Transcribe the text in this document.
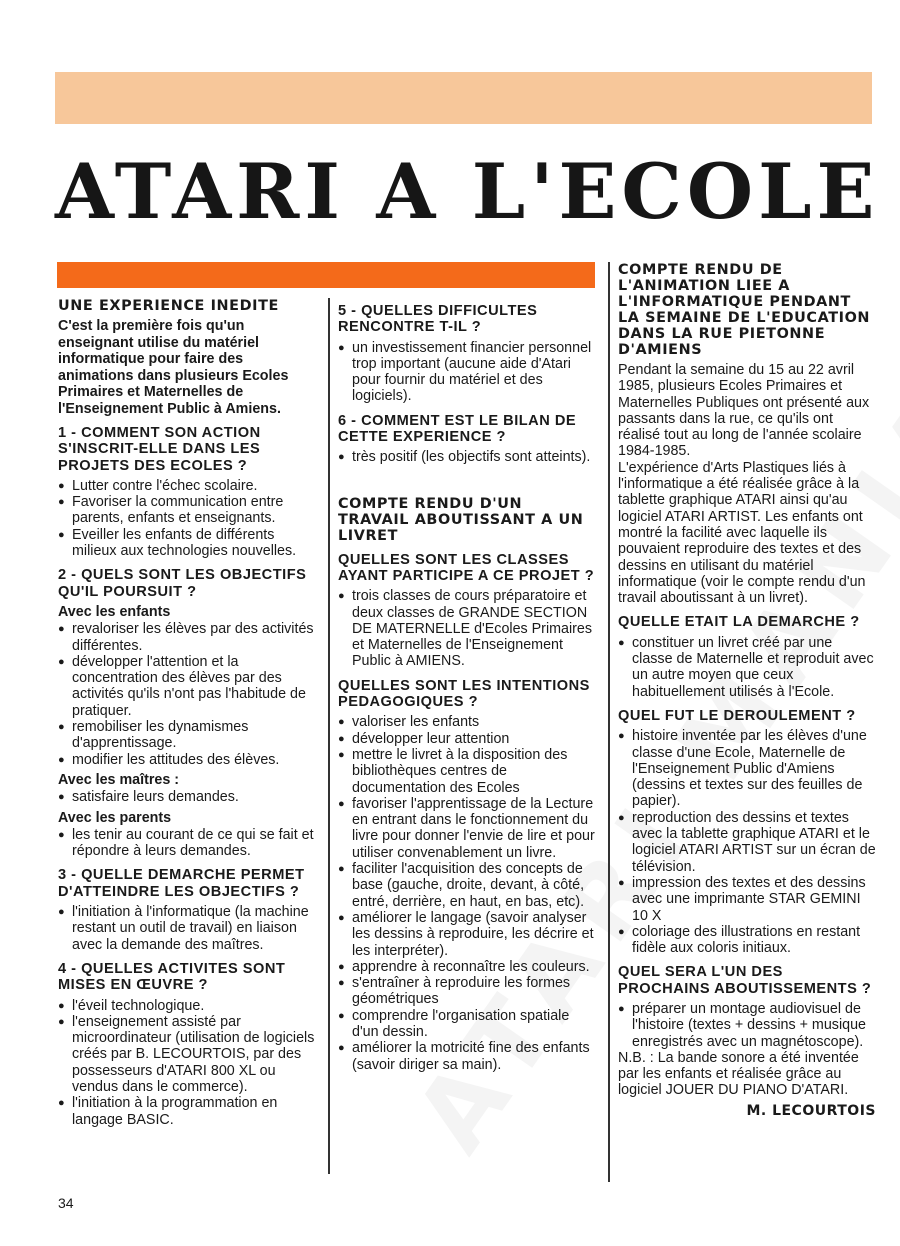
ATARI A L'ECOLE
UNE EXPERIENCE INEDITE

C'est la première fois qu'un enseignant utilise du matériel informatique pour faire des animations dans plusieurs Ecoles Primaires et Maternelles de l'Enseignement Public à Amiens.

1 - COMMENT SON ACTION S'INSCRIT-ELLE DANS LES PROJETS DES ECOLES ?
● Lutter contre l'échec scolaire.
● Favoriser la communication entre parents, enfants et enseignants.
● Eveiller les enfants de différents milieux aux technologies nouvelles.
2 - QUELS SONT LES OBJECTIFS QU'IL POURSUIT ?
Avec les enfants
● revaloriser les élèves par des activités différentes.
● développer l'attention et la concentration des élèves par des activités qu'ils n'ont pas l'habitude de pratiquer.
● remobiliser les dynamismes d'apprentissage.
● modifier les attitudes des élèves.
Avec les maîtres :
● satisfaire leurs demandes.
Avec les parents
● les tenir au courant de ce qui se fait et répondre à leurs demandes.
3 - QUELLE DEMARCHE PERMET D'ATTEINDRE LES OBJECTIFS ?
● l'initiation à l'informatique (la machine restant un outil de travail) en liaison avec la demande des maîtres.
4 - QUELLES ACTIVITES SONT MISES EN ŒUVRE ?
● l'éveil technologique.
● l'enseignement assisté par microordinateur (utilisation de logiciels créés par B. LECOURTOIS, par des possesseurs d'ATARI 800 XL ou vendus dans le commerce).
● l'initiation à la programmation en langage BASIC.
5 - QUELLES DIFFICULTES RENCONTRE T-IL ?
● un investissement financier personnel trop important (aucune aide d'Atari pour fournir du matériel et des logiciels).
6 - COMMENT EST LE BILAN DE CETTE EXPERIENCE ?
● très positif (les objectifs sont atteints).
COMPTE RENDU D'UN TRAVAIL ABOUTISSANT A UN LIVRET
QUELLES SONT LES CLASSES AYANT PARTICIPE A CE PROJET ?
● trois classes de cours préparatoire et deux classes de GRANDE SECTION DE MATERNELLE d'Ecoles Primaires et Maternelles de l'Enseignement Public à AMIENS.
QUELLES SONT LES INTENTIONS PEDAGOGIQUES ?
● valoriser les enfants
● développer leur attention
● mettre le livret à la disposition des bibliothèques centres de documentation des Ecoles
● favoriser l'apprentissage de la Lecture en entrant dans le fonctionnement du livre pour donner l'envie de lire et pour utiliser convenablement un livre.
● faciliter l'acquisition des concepts de base (gauche, droite, devant, à côté, entré, derrière, en haut, en bas, etc).
● améliorer le langage (savoir analyser les dessins à reproduire, les décrire et les interpréter).
● apprendre à reconnaître les couleurs.
● s'entraîner à reproduire les formes géométriques
● comprendre l'organisation spatiale d'un dessin.
● améliorer la motricité fine des enfants (savoir diriger sa main).
COMPTE RENDU DE L'ANIMATION LIEE A L'INFORMATIQUE PENDANT LA SEMAINE DE L'EDUCATION DANS LA RUE PIETONNE D'AMIENS

Pendant la semaine du 15 au 22 avril 1985, plusieurs Ecoles Primaires et Maternelles Publiques ont présenté aux passants dans la rue, ce qu'ils ont réalisé tout au long de l'année scolaire 1984-1985.

L'expérience d'Arts Plastiques liés à l'informatique a été réalisée grâce à la tablette graphique ATARI ainsi qu'au logiciel ATARI ARTIST. Les enfants ont montré la facilité avec laquelle ils pouvaient reproduire des textes et des dessins en utilisant du matériel informatique (voir le compte rendu d'un travail aboutissant à un livret).

QUELLE ETAIT LA DEMARCHE ?
● constituer un livret créé par une classe de Maternelle et reproduit avec un autre moyen que ceux habituellement utilisés à l'Ecole.
QUEL FUT LE DEROULEMENT ?
● histoire inventée par les élèves d'une classe d'une Ecole, Maternelle de l'Enseignement Public d'Amiens (dessins et textes sur des feuilles de papier).
● reproduction des dessins et textes avec la tablette graphique ATARI et le logiciel ATARI ARTIST sur un écran de télévision.
● impression des textes et des dessins avec une imprimante STAR GEMINI 10 X
● coloriage des illustrations en restant fidèle aux coloris initiaux.
QUEL SERA L'UN DES PROCHAINS ABOUTISSEMENTS ?
● préparer un montage audiovisuel de l'histoire (textes + dessins + musique enregistrés avec un magnétoscope).

N.B. : La bande sonore a été inventée par les enfants et réalisée grâce au logiciel JOUER DU PIANO D'ATARI.

M. LECOURTOIS
34
